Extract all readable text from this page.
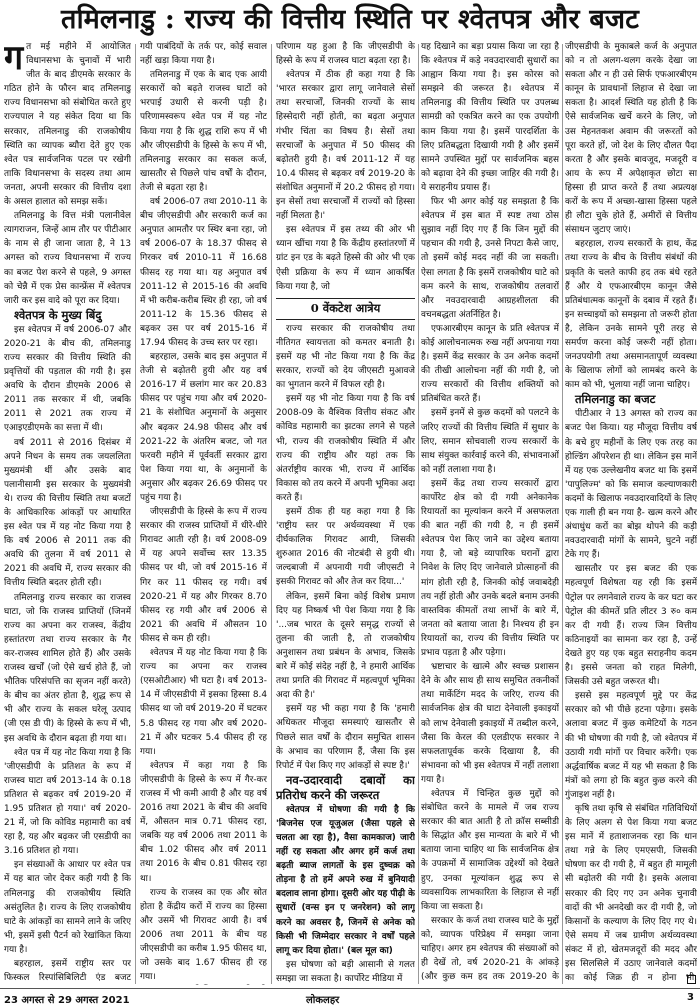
तमिलनाडु : राज्य की वित्तीय स्थिति पर श्वेतपत्र और बजट

गत मई महीने में आयोजित विधानसभा के चुनावों में भारी जीत के बाद डीएमके सरकार के गठित होने के फौरन बाद तमिलनाडु राज्य विधानसभा को संबोधित करते हुए राज्यपाल ने यह संकेत दिया था कि सरकार, तमिलनाडु की राजकोषीय स्थिति का व्यापक ब्यौरा देते हुए एक श्वेत पत्र सार्वजनिक पटल पर रखेगी ताकि विधानसभा के सदस्य तथा आम जनता, अपनी सरकार की वित्तीय दशा के असल हालात को समझ सकें।

तमिलनाडु के वित्त मंत्री पलानीवेल त्यागराजन, जिन्हें आम तौर पर पीटीआर के नाम से ही जाना जाता है, ने 13 अगस्त को राज्य विधानसभा में राज्य का बजट पेश करने से पहले, 9 अगस्त को चेन्नै में एक प्रेस कान्फ्रेंस में श्वेतपत्र जारी कर इस वादे को पूरा कर दिया।

श्वेतपत्र के मुख्य बिंदु

इस श्वेतपत्र में वर्ष 2006-07 और 2020-21 के बीच की, तमिलनाडु राज्य सरकार की वित्तीय स्थिति की प्रवृत्तियों की पड़ताल की गयी है। इस अवधि के दौरान डीएमके 2006 से 2011 तक सरकार में थी, जबकि 2011 से 2021 तक राज्य में एआइएडीएमके का सत्ता में थी।

वर्ष 2011 से 2016 दिसंबर में अपने निधन के समय तक जयललिता मुख्यमंत्री थीं और उसके बाद पलानीसामी इस सरकार के मुख्यमंत्री थे। राज्य की वित्तीय स्थिति तथा बजटों के आधिकारिक आंकड़ों पर आधारित इस श्वेत पत्र में यह नोट किया गया है कि वर्ष 2006 से 2011 तक की अवधि की तुलना में वर्ष 2011 से 2021 की अवधि में, राज्य सरकार की वित्तीय स्थिति बदतर होती रही।

तमिलनाडु राज्य सरकार का राजस्व घाटा, जो कि राजस्व प्राप्तियों (जिनमें राज्य का अपना कर राजस्व, केंद्रीय हस्तांतरण तथा राज्य सरकार के गैर कर-राजस्व शामिल होते हैं) और उसके राजस्व खर्चों (जो ऐसे खर्च होते हैं, जो भौतिक परिसंपत्ति का सृजन नहीं करते) के बीच का अंतर होता है, शुद्ध रूप से भी और राज्य के सकल घरेलू उत्पाद (जी एस डी पी) के हिस्से के रूप में भी, इस अवधि के दौरान बढ़ता ही गया था।

श्वेत पत्र में यह नोट किया गया है कि 'जीएसडीपी के प्रतिशत के रूप में राजस्व घाटा वर्ष 2013-14 के 0.18 प्रतिशत से बढ़कर वर्ष 2019-20 में 1.95 प्रतिशत हो गया।' वर्ष 2020-21 में, जो कि कोविड महामारी का वर्ष रहा है, यह और बढ़कर जी एसडीपी का 3.16 प्रतिशत हो गया।

इन संख्याओं के आधार पर श्वेत पत्र में यह बात जोर देकर कही गयी है कि तमिलनाडु की राजकोषीय स्थिति असंतुलित है। राज्य के लिए राजकोषीय घाटे के आंकड़ों का सामने लाने के जरिए भी, इसमें इसी पैटर्न को रेखांकित किया गया है।

बहरहाल, इसमें राष्ट्रीय स्तर पर फिस्कल रिस्पांसिबिलिटी एंड बजट

गयी पाबंदियों के तर्क पर, कोई सवाल नहीं खड़ा किया गया है।

तमिलनाडु में एक के बाद एक आयी सरकारों को बढ़ते राजस्व घाटों को भरपाई उधारी से करनी पड़ी है। परिणामस्वरूप श्वेत पत्र में यह नोट किया गया है कि शुद्ध राशि रूप में भी और जीएसडीपी के हिस्से के रूप में भी, तमिलनाडु सरकार का सकल कर्ज, खासतौर से पिछले पांच वर्षों के दौरान, तेजी से बढ़ता रहा है।

वर्ष 2006-07 तथा 2010-11 के बीच जीएसडीपी और सरकारी कर्ज का अनुपात आमतौर पर स्थिर बना रहा, जो वर्ष 2006-07 के 18.37 फीसद से गिरकर वर्ष 2010-11 में 16.68 फीसद रह गया था। यह अनुपात वर्ष 2011-12 से 2015-16 की अवधि में भी करीब-करीब स्थिर ही रहा, जो वर्ष 2011-12 के 15.36 फीसद से बढ़कर उस पर वर्ष 2015-16 में 17.94 फीसद के उच्च स्तर पर रहा।

बहरहाल, उसके बाद इस अनुपात में तेजी से बढ़ोतरी हुयी और यह वर्ष 2016-17 में छलांग मार कर 20.83 फीसद पर पहुंच गया और वर्ष 2020-21 के संशोधित अनुमानों के अनुसार और बढ़कर 24.98 फीसद और वर्ष 2021-22 के अंतरिम बजट, जो गत फरवरी महीने में पूर्ववर्ती सरकार द्वारा पेश किया गया था, के अनुमानों के अनुसार और बढ़कर 26.69 फीसद पर पहुंच गया है।

जीएसडीपी के हिस्से के रूप में राज्य सरकार की राजस्व प्राप्तियों में धीरे-धीरे गिरावट आती रही है। वर्ष 2008-09 में यह अपने सर्वोच्च स्तर 13.35 फीसद पर थी, जो वर्ष 2015-16 में गिर कर 11 फीसद रह गयी। वर्ष 2020-21 में यह और गिरकर 8.70 फीसद रह गयी और वर्ष 2006 से 2021 की अवधि में औसतन 10 फीसद से कम ही रही।

श्वेतपत्र में यह नोट किया गया है कि राज्य का अपना कर राजस्व (एसओटीआर) भी घटा है। वर्ष 2013-14 में जीएसडीपी में इसका हिस्सा 8.4 फीसद था जो वर्ष 2019-20 में घटकर 5.8 फीसद रह गया और वर्ष 2020-21 में और घटकर 5.4 फीसद ही रह गया।

श्वेतपत्र में कहा गया है कि जीएसडीपी के हिस्से के रूप में गैर-कर राजस्व में भी कमी आयी है और यह वर्ष 2016 तथा 2021 के बीच की अवधि में, औसतन मात्र 0.71 फीसद रहा, जबकि यह वर्ष 2006 तथा 2011 के बीच 1.02 फीसद और वर्ष 2011 तथा 2016 के बीच 0.81 फीसद रहा था।

राज्य के राजस्व का एक और स्रोत होता है केंद्रीय करों में राज्य का हिस्सा और उसमें भी गिरावट आयी है। वर्ष 2006 तथा 2011 के बीच यह जीएसडीपी का करीब 1.95 फीसद था, जो उसके बाद 1.67 फीसद ही रह गया।

परिणाम यह हुआ है कि जीएसडीपी के हिस्से के रूप में राजस्व घाटा बढ़ता रहा है।

श्वेतपत्र में ठीक ही कहा गया है कि 'भारत सरकार द्वारा लागू जानेवाले सेसों तथा सरचार्जों, जिनकी राज्यों के साथ हिस्सेदारी नहीं होती, का बढ़ता अनुपात गंभीर चिंता का विषय है। सेसों तथा सरचार्जों के अनुपात में 50 फीसद की बढ़ोतरी हुयी है। वर्ष 2011-12 में यह 10.4 फीसद से बढ़कर वर्ष 2019-20 के संशोधित अनुमानों में 20.2 फीसद हो गया। इन सेसों तथा सरचार्जों में राज्यों को हिस्सा नहीं मिलता है।'

इस श्वेतपत्र में इस तथ्य की ओर भी ध्यान खींचा गया है कि केंद्रीय हस्तांतरणों में ग्रांट इन एड के बढ़ते हिस्से की ओर भी एक ऐसी प्रक्रिया के रूप में ध्यान आकर्षित किया गया है, जो

0 वेंकटेश आत्रेय

राज्य सरकार की राजकोषीय तथा नीतिगत स्वायत्तता को कमतर बनाती है। इसमें यह भी नोट किया गया है कि केंद्र सरकार, राज्यों को देय जीएसटी मुआवजे का भुगतान करने में विफल रही है।

इसमें यह भी नोट किया गया है कि वर्ष 2008-09 के वैश्विक वित्तीय संकट और कोविड महामारी का झटका लगने से पहले भी, राज्य की राजकोषीय स्थिति में और राज्य की राष्ट्रीय और यहां तक कि अंतर्राष्ट्रीय कारक भी, राज्य में आर्थिक विकास को तय करने में अपनी भूमिका अदा करते हैं।

इसमें ठीक ही यह कहा गया है कि 'राष्ट्रीय स्तर पर अर्थव्यवस्था में एक दीर्घकालिक गिरावट आयी, जिसकी शुरुआत 2016 की नोटबंदी से हुयी थी। जल्दबाजी में अपनायी गयी जीएसटी ने इसकी गिरावट को और तेज कर दिया...'

लेकिन, इसमें बिना कोई विशेष प्रमाण दिए यह निष्कर्ष भी पेश किया गया है कि '...जब भारत के दूसरे समृद्ध राज्यों से तुलना की जाती है, तो राजकोषीय अनुशासन तथा प्रबंधन के अभाव, जिसके बारे में कोई संदेह नहीं है, ने हमारी आर्थिक तथा प्रगति की गिरावट में महत्वपूर्ण भूमिका अदा की है।'

इसमें यह भी कहा गया है कि 'हमारी अधिकतर मौजूदा समस्याएं खासतौर से पिछले सात वर्षों के दौरान समुचित शासन के अभाव का परिणाम हैं, जैसा कि इस रिपोर्ट में पेश किए गए आंकड़ों से स्पष्ट है।'

नव-उदारवादी दबावों का प्रतिरोध करने की जरूरत

श्वेतपत्र में घोषणा की गयी है कि 'बिजनेस एज यूजुअल (जैसा पहले से चलता आ रहा है), वैसा कामकाज) जारी नहीं रह सकता और अगर हमें कर्ज तथा बढ़ती ब्याज लागतों के इस दुष्चक्र को तोड़ना है तो हमें अपने रुख में बुनियादी बदलाव लाना होगा। दूसरी ओर यह पीढ़ी के सुधारों (वन्स इन ए जनरेशन) को लागू करने का अवसर है, जिनमें से अनेक को किसी भी जिम्मेदार सरकार ने वर्षों पहले लागू कर दिया होता।' (बल मूल का)

इस घोषणा को बड़ी आसानी से गलत समझा जा सकता है। कार्पोरेट मीडिया में

यह दिखाने का बड़ा प्रयास किया जा रहा है कि श्वेतपत्र में कड़े नवउदारवादी सुधारों का आह्वान किया गया है। इस कोरस को समझने की जरूरत है। श्वेतपत्र में तमिलनाडु की वित्तीय स्थिति पर उपलब्ध सामग्री को एकत्रित करने का एक उपयोगी काम किया गया है। इसमें पारदर्शिता के लिए प्रतिबद्धता दिखायी गयी है और इसमें सामने उपस्थित मुद्दों पर सार्वजनिक बहस को बढ़ावा देने की इच्छा जाहिर की गयी है। ये सराहनीय प्रयास हैं।

फिर भी अगर कोई यह समझता है कि श्वेतपत्र में इस बात में स्पष्ट तथा ठोस सुझाव नहीं दिए गए हैं कि जिन मुद्दों की पहचान की गयी है, उनसे निपटा कैसे जाए, तो इसमें कोई मदद नहीं की जा सकती। ऐसा लगता है कि इसमें राजकोषीय घाटे को कम करने के साथ, राजकोषीय तलवारों और नवउदारवादी आग्रहशीलता की वचनबद्धता अंतर्निहित है।

एफआरबीएम कानून के प्रति श्वेतपत्र में कोई आलोचनात्मक रुख नहीं अपनाया गया है। इसमें केंद्र सरकार के उन अनेक कदमों की तीखी आलोचना नहीं की गयी है, जो राज्य सरकारों की वित्तीय शक्तियों को प्रतिबंधित करते हैं।

इसमें इनमें से कुछ कदमों को पलटने के जरिए राज्यों की वित्तीय स्थिति में सुधार के लिए, समान सोचवाली राज्य सरकारों के साथ संयुक्त कार्रवाई करने की, संभावनाओं को नहीं तलाशा गया है।

इसमें केंद्र तथा राज्य सरकारों द्वारा कार्पोरेट क्षेत्र को दी गयी अनेकानेक रियायतों का मूल्यांकन करने में असफलता की बात नहीं की गयी है, न ही इसमें श्वेतपत्र पेश किए जाने का उद्देश्य बताया गया है, जो बड़े व्यापारिक घरानों द्वारा निवेश के लिए दिए जानेवाले प्रोत्साहनों की मांग होती रही है, जिनकी कोई जवाबदेही तय नहीं होती और उनके बदले बनाम उनकी वास्तविक कीमतों तथा लाभों के बारे में, जनता को बताया जाता है। निश्चय ही इन रियायतों का, राज्य की वित्तीय स्थिति पर प्रभाव पड़ता है और पड़ेगा।

भ्रष्टाचार के खात्मे और स्वच्छ प्रशासन देने के और साथ ही साथ समुचित तकनीकों तथा मार्केटिंग मदद के जरिए, राज्य की सार्वजनिक क्षेत्र की घाटा देनेवाली इकाइयों को लाभ देनेवाली इकाइयों में तब्दील करने, जैसा कि केरल की एलडीएफ सरकार ने सफलतापूर्वक करके दिखाया है, की संभावना को भी इस श्वेतपत्र में नहीं तलाशा गया है।

श्वेतपत्र में चिन्हित कुछ मुद्दों को संबोधित करने के मामले में जब राज्य सरकार की बात आती है तो क्रॉस सब्सीडी के सिद्धांत और इस मान्यता के बारे में भी बताया जाना चाहिए था कि सार्वजनिक क्षेत्र के उपक्रमों में सामाजिक उद्देश्यों को देखते हुए, उनका मूल्यांकन शुद्ध रूप से व्यवसायिक लाभकारिता के लिहाज से नहीं किया जा सकता है।

सरकार के कर्ज तथा राजस्व घाटे के मुद्दों को, व्यापक परिप्रेक्ष्य में समझा जाना चाहिए। अगर हम श्वेतपत्र की संख्याओं को ही देखें तो, वर्ष 2020-21 के आंकड़े (और कुछ कम हद तक 2019-20 के

जीएसडीपी के मुकाबले कर्ज के अनुपात को न तो अलग-थलग करके देखा जा सकता और न ही उसे सिर्फ एफआरबीएम कानून के प्रावधानों लिहाज से देखा जा सकता है। आदर्श स्थिति यह होती है कि ऐसे सार्वजनिक खर्चे करने के लिए, जो उस मेहनतकश अवाम की जरूरतों को पूरा करते हों, जो देश के लिए दौलत पैदा करता है और इसके बावजूद, मजदूरी व आय के रूप में अपेक्षाकृत छोटा सा हिस्सा ही प्राप्त करते हैं तथा अप्रत्यक्ष करों के रूप में अच्छा-खासा हिस्सा पहले ही लौटा चुके होते हैं, अमीरों से वित्तीय संसाधन जुटाए जाएं।

बहरहाल, राज्य सरकारों के हाथ, केंद्र तथा राज्य के बीच के वित्तीय संबंधों की प्रकृति के चलते काफी हद तक बंधे रहते हैं और ये एफआरबीएम कानून जैसे प्रतिबंधात्मक कानूनों के दबाव में रहते हैं। इन सच्चाइयों को समझना तो जरूरी होता है, लेकिन उनके सामने पूरी तरह से समर्पण करना कोई जरूरी नहीं होता। जनउपयोगी तथा असमानतापूर्ण व्यवस्था के खिलाफ लोगों को लामबंद करने के काम को भी, भुलाया नहीं जाना चाहिए।

तमिलनाडु का बजट

पीटीआर ने 13 अगस्त को राज्य का बजट पेश किया। यह मौजूदा वित्तीय वर्ष के बचे हुए महीनों के लिए एक तरह का होल्डिंग ऑपरेशन ही था। लेकिन इस मानें में यह एक उल्लेखनीय बजट था कि इसमें 'पापुलिज्म' को कि समाज कल्याणकारी कदमों के खिलाफ नवउदारवादियों के लिए एक गाली ही बन गया है- खत्म करने और अंधाधुंध करों का बोझ थोपने की कड़ी नवउदारवादी मांगों के सामने, घुटने नहीं टेके गए हैं।

खासतौर पर इस बजट की एक महत्वपूर्ण विशेषता यह रही कि इसमें पेट्रोल पर लगनेवाले राज्य के कर घटा कर पेट्रोल की कीमतें प्रति लीटर 3 रु० कम कर दी गयी हैं। राज्य जिन वित्तीय कठिनाइयों का सामना कर रहा है, उन्हें देखते हुए यह एक बहुत सराहनीय कदम है। इससे जनता को राहत मिलेगी, जिसकी उसे बहुत जरूरत थी।

इससे इस महत्वपूर्ण मुद्दे पर केंद्र सरकार को भी पीछे हटना पड़ेगा। इसके अलावा बजट में कुछ कमेटियों के गठन की भी घोषणा की गयी है, जो श्वेतपत्र में उठायी गयी मांगों पर विचार करेंगी। एक अर्द्धवार्षिक बजट में यह भी सकता है कि मंत्रों को लगा हो कि बहुत कुछ करने की गुंजाइश नहीं है।

कृषि तथा कृषि से संबंधित गतिविधियों के लिए अलग से पेश किया गया बजट इस मानें में हताशाजनक रहा कि धान तथा गन्ने के लिए एमएसपी, जिसकी घोषणा कर दी गयी है, में बहुत ही मामूली सी बढ़ोतरी की गयी है। इसके अलावा सरकार की दिए गए उन अनेक चुनावी वादों की भी अनदेखी कर दी गयी है, जो किसानों के कल्याण के लिए दिए गए थे। ऐसे समय में जब ग्रामीण अर्थव्यवस्था संकट में हो, खेतमजदूरों की मदद और इस सिलसिले में उठाए जानेवाले कदमों का कोई जिक्र ही न होना भी,

23 अगस्त से 29 अगस्त 2021	लोकलहर	3
